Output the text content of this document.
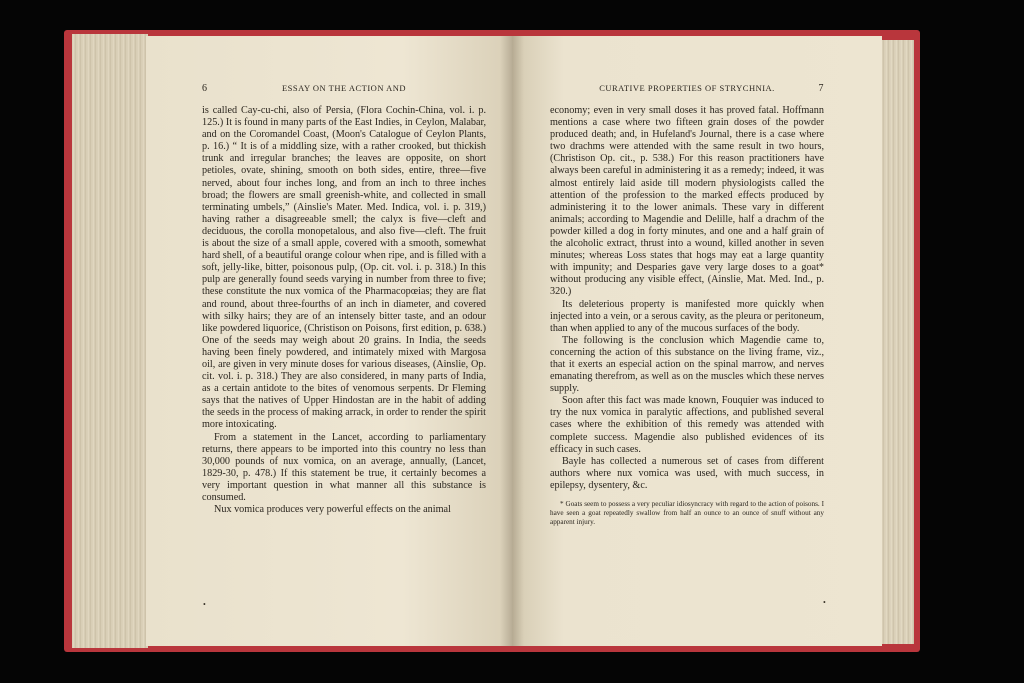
6	ESSAY ON THE ACTION AND

is called Cay-cu-chi, also of Persia, (Flora Cochin-China, vol. i. p. 125.) It is found in many parts of the East Indies, in Ceylon, Malabar, and on the Coromandel Coast, (Moon's Catalogue of Ceylon Plants, p. 16.) “ It is of a middling size, with a rather crooked, but thickish trunk and irregular branches; the leaves are opposite, on short petioles, ovate, shining, smooth on both sides, entire, three—five nerved, about four inches long, and from an inch to three inches broad; the flowers are small greenish-white, and collected in small terminating umbels,” (Ainslie's Mater. Med. Indica, vol. i. p. 319,) having rather a disagreeable smell; the calyx is five—cleft and deciduous, the corolla monopetalous, and also five—cleft. The fruit is about the size of a small apple, covered with a smooth, somewhat hard shell, of a beautiful orange colour when ripe, and is filled with a soft, jelly-like, bitter, poisonous pulp, (Op. cit. vol. i. p. 318.) In this pulp are generally found seeds varying in number from three to five; these constitute the nux vomica of the Pharmacopœias; they are flat and round, about three-fourths of an inch in diameter, and covered with silky hairs; they are of an intensely bitter taste, and an odour like powdered liquorice, (Christison on Poisons, first edition, p. 638.) One of the seeds may weigh about 20 grains. In India, the seeds having been finely powdered, and intimately mixed with Margosa oil, are given in very minute doses for various diseases, (Ainslie, Op. cit. vol. i. p. 318.) They are also considered, in many parts of India, as a certain antidote to the bites of venomous serpents. Dr Fleming says that the natives of Upper Hindostan are in the habit of adding the seeds in the process of making arrack, in order to render the spirit more intoxicating.

From a statement in the Lancet, according to parliamentary returns, there appears to be imported into this country no less than 30,000 pounds of nux vomica, on an average, annually, (Lancet, 1829-30, p. 478.) If this statement be true, it certainly becomes a very important question in what manner all this substance is consumed.

Nux vomica produces very powerful effects on the animal

CURATIVE PROPERTIES OF STRYCHNIA.	7

economy; even in very small doses it has proved fatal. Hoffmann mentions a case where two fifteen grain doses of the powder produced death; and, in Hufeland's Journal, there is a case where two drachms were attended with the same result in two hours, (Christison Op. cit., p. 538.) For this reason practitioners have always been careful in administering it as a remedy; indeed, it was almost entirely laid aside till modern physiologists called the attention of the profession to the marked effects produced by administering it to the lower animals. These vary in different animals; according to Magendie and Delille, half a drachm of the powder killed a dog in forty minutes, and one and a half grain of the alcoholic extract, thrust into a wound, killed another in seven minutes; whereas Loss states that hogs may eat a large quantity with impunity; and Desparies gave very large doses to a goat* without producing any visible effect, (Ainslie, Mat. Med. Ind., p. 320.)

Its deleterious property is manifested more quickly when injected into a vein, or a serous cavity, as the pleura or peritoneum, than when applied to any of the mucous surfaces of the body.

The following is the conclusion which Magendie came to, concerning the action of this substance on the living frame, viz., that it exerts an especial action on the spinal marrow, and nerves emanating therefrom, as well as on the muscles which these nerves supply.

Soon after this fact was made known, Fouquier was induced to try the nux vomica in paralytic affections, and published several cases where the exhibition of this remedy was attended with complete success. Magendie also published evidences of its efficacy in such cases.

Bayle has collected a numerous set of cases from different authors where nux vomica was used, with much success, in epilepsy, dysentery, &c.

* Goats seem to possess a very peculiar idiosyncracy with regard to the action of poisons. I have seen a goat repeatedly swallow from half an ounce to an ounce of snuff without any apparent injury.
•	•
